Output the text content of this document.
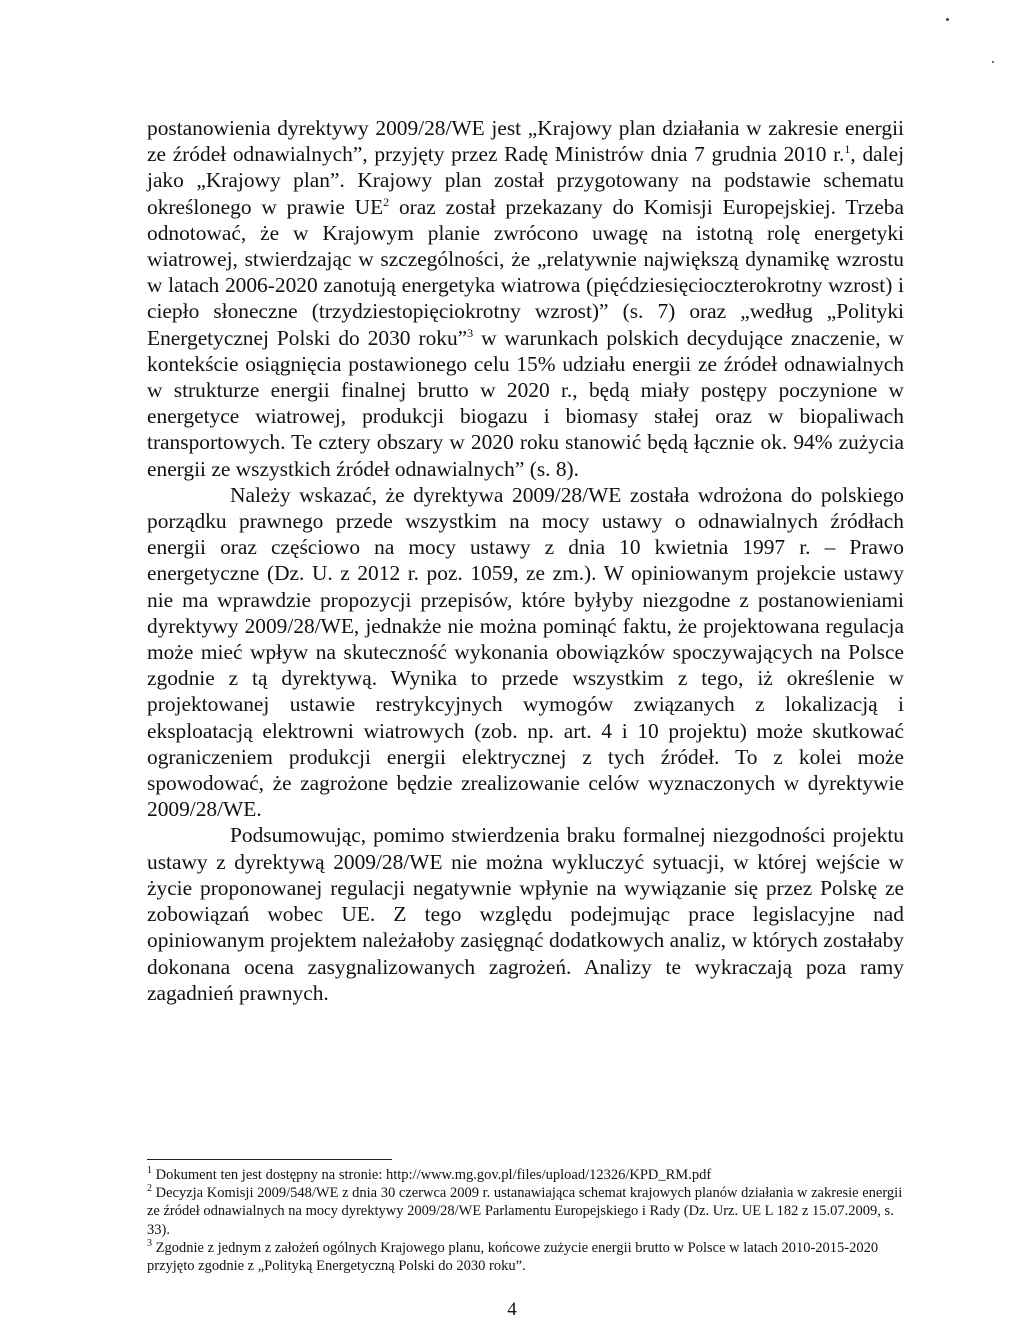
postanowienia dyrektywy 2009/28/WE jest „Krajowy plan działania w zakresie energii ze źródeł odnawialnych”, przyjęty przez Radę Ministrów dnia 7 grudnia 2010 r.$^1$, dalej jako „Krajowy plan”. Krajowy plan został przygotowany na podstawie schematu określonego w prawie $UE^2$ oraz został przekazany do Komisji Europejskiej. Trzeba odnotować, że w Krajowym planie zwrócono uwagę na istotną rolę energetyki wiatrowej, stwierdzając w szczególności, że „relatywnie największą dynamikę wzrostu w latach 2006-2020 zanotują energetyka wiatrowa (pięćdziesięcioczterokrotny wzrost) i ciepło słoneczne (trzydziestopięciokrotny wzrost)” (s. 7) oraz „według „Polityki Energetycznej Polski do 2030 roku”$^3$ w warunkach polskich decydujące znaczenie, w kontekście osiągnięcia postawionego celu 15% udziału energii ze źródeł odnawialnych w strukturze energii finalnej brutto w 2020 r., będą miały postępy poczynione w energetyce wiatrowej, produkcji biogazu i biomasy stałej oraz w biopaliwach transportowych. Te cztery obszary w 2020 roku stanowić będą łącznie ok. 94% zużycia energii ze wszystkich źródeł odnawialnych” (s. 8).

Należy wskazać, że dyrektywa 2009/28/WE została wdrożona do polskiego porządku prawnego przede wszystkim na mocy ustawy o odnawialnych źródłach energii oraz częściowo na mocy ustawy z dnia 10 kwietnia 1997 r. – Prawo energetyczne (Dz. U. z 2012 r. poz. 1059, ze zm.). W opiniowanym projekcie ustawy nie ma wprawdzie propozycji przepisów, które byłyby niezgodne z postanowieniami dyrektywy 2009/28/WE, jednakże nie można pominąć faktu, że projektowana regulacja może mieć wpływ na skuteczność wykonania obowiązków spoczywających na Polsce zgodnie z tą dyrektywą. Wynika to przede wszystkim z tego, iż określenie w projektowanej ustawie restrykcyjnych wymogów związanych z lokalizacją i eksploatacją elektrowni wiatrowych (zob. np. art. 4 i 10 projektu) może skutkować ograniczeniem produkcji energii elektrycznej z tych źródeł. To z kolei może spowodować, że zagrożone będzie zrealizowanie celów wyznaczonych w dyrektywie 2009/28/WE.

Podsumowując, pomimo stwierdzenia braku formalnej niezgodności projektu ustawy z dyrektywą 2009/28/WE nie można wykluczyć sytuacji, w której wejście w życie proponowanej regulacji negatywnie wpłynie na wywiązanie się przez Polskę ze zobowiązań wobec UE. Z tego względu podejmując prace legislacyjne nad opiniowanym projektem należałoby zasięgnąć dodatkowych analiz, w których zostałaby dokonana ocena zasygnalizowanych zagrożeń. Analizy te wykraczają poza ramy zagadnień prawnych.

$^1$ Dokument ten jest dostępny na stronie: http://www.mg.gov.pl/files/upload/12326/KPD_RM.pdf

$^2$ Decyzja Komisji 2009/548/WE z dnia 30 czerwca 2009 r. ustanawiająca schemat krajowych planów działania w zakresie energii ze źródeł odnawialnych na mocy dyrektywy 2009/28/WE Parlamentu Europejskiego i Rady (Dz. Urz. UE L 182 z 15.07.2009, s. 33).

$^3$ Zgodnie z jednym z założeń ogólnych Krajowego planu, końcowe zużycie energii brutto w Polsce w latach 2010-2015-2020 przyjęto zgodnie z „Polityką Energetyczną Polski do 2030 roku”.

4
